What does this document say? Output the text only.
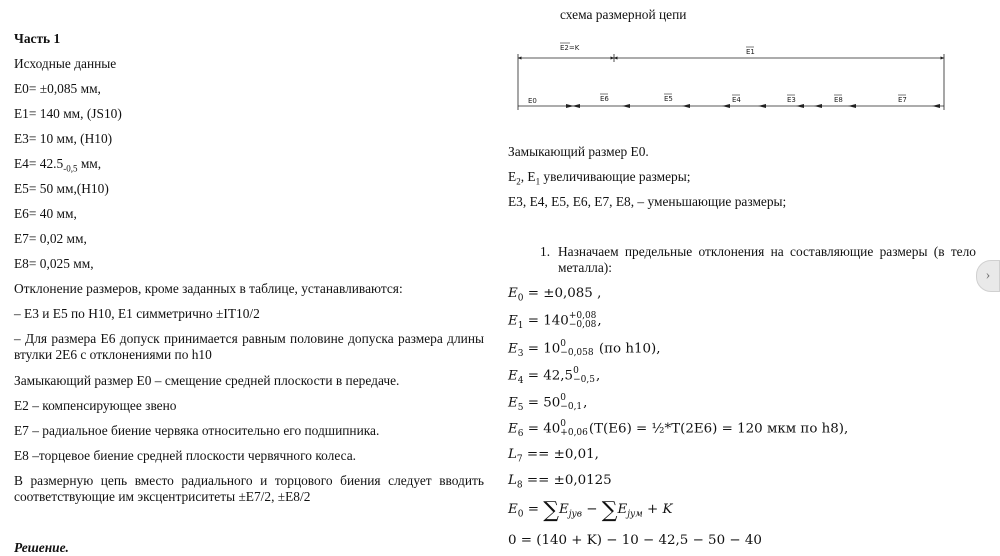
Часть 1
Исходные данные
E0= ±0,085 мм,
E1= 140 мм, (JS10)
E3= 10 мм, (H10)
$E4= 42.5_{-0,5}$ мм,
E5= 50 мм,(H10)
E6= 40 мм,
E7= 0,02 мм,
E8= 0,025 мм,
Отклонение размеров, кроме заданных в таблице, устанавливаются:
– E3 и E5 по H10, E1 симметрично ±IT10/2
– Для размера E6 допуск принимается равным половине допуска размера длины втулки 2E6 с отклонениями по h10
Замыкающий размер E0 – смещение средней плоскости в передаче.
E2 – компенсирующее звено
E7 – радиальное биение червяка относительно его подшипника.
E8 –торцевое биение средней плоскости червячного колеса.
В размерную цепь вместо радиального и торцового биения следует вводить соответствующие им эксцентриситеты ±E7/2, ±E8/2
Решение.
схема размерной цепи
E2=K	E1
E0	E6	E5	E4	E3	E8	E7
Замыкающий размер E0.
$E_2$, $E_1$ увеличивающие размеры;
E3, E4, E5, E6, E7, E8, – уменьшающие размеры;
1. Назначаем предельные отклонения на составляющие размеры (в тело металла):
$E_0 = \pm 0,085$ ,
$E_1 = 140 +0,08$
−0,08 ,
$E_3 = 10$ 0
−0,058 (по h10),
$E_4 = 42,5$ 0
−0,5 ,
$E_5 = 50$ 0
−0,1 ,
$E_6 = 40$ 0
+0,06 (T(E6) = ½*T(2E6) = 120 мкм по h8),
$L_7 == \pm 0,01$,
$L_8 == \pm 0,0125$
$E_0 = \sum E_{jув} - \sum E_{jум} + K$
0 = (140 + K) − 10 − 42,5 − 50 − 40
›
